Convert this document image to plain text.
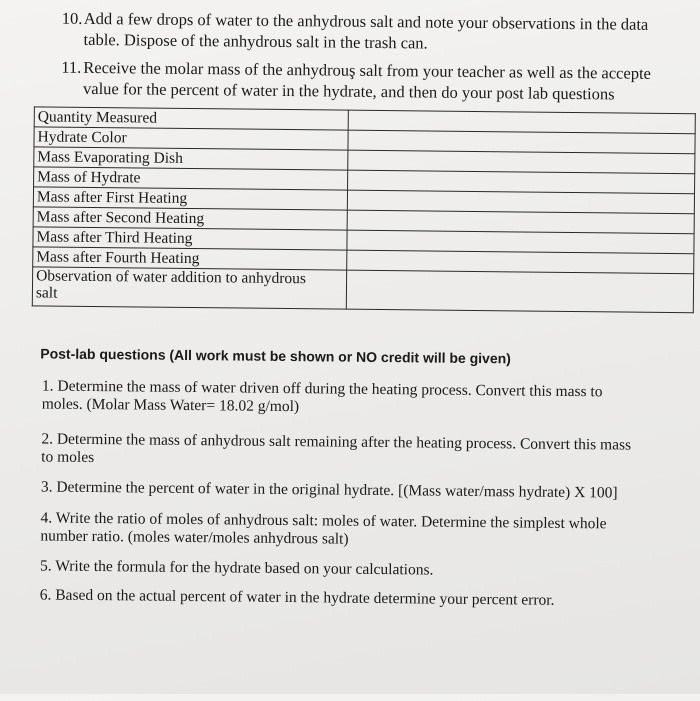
10.Add a few drops of water to the anhydrous salt and note your observations in the data
table. Dispose of the anhydrous salt in the trash can.
11. Receive the molar mass of the anhydrouş salt from your teacher as well as the accepte
value for the percent of water in the hydrate, and then do your post lab questions
Quantity Measured	
Hydrate Color	
Mass Evaporating Dish	
Mass of Hydrate	
Mass after First Heating	
Mass after Second Heating	
Mass after Third Heating	
Mass after Fourth Heating	
Observation of water addition to anhydrous
salt	
Post-lab questions (All work must be shown or NO credit will be given)
1. Determine the mass of water driven off during the heating process. Convert this mass to
moles. (Molar Mass Water= 18.02 g/mol)
2. Determine the mass of anhydrous salt remaining after the heating process. Convert this mass
to moles
3. Determine the percent of water in the original hydrate. [(Mass water/mass hydrate) X 100]
4. Write the ratio of moles of anhydrous salt: moles of water. Determine the simplest whole
number ratio. (moles water/moles anhydrous salt)
5. Write the formula for the hydrate based on your calculations.
6. Based on the actual percent of water in the hydrate determine your percent error.
